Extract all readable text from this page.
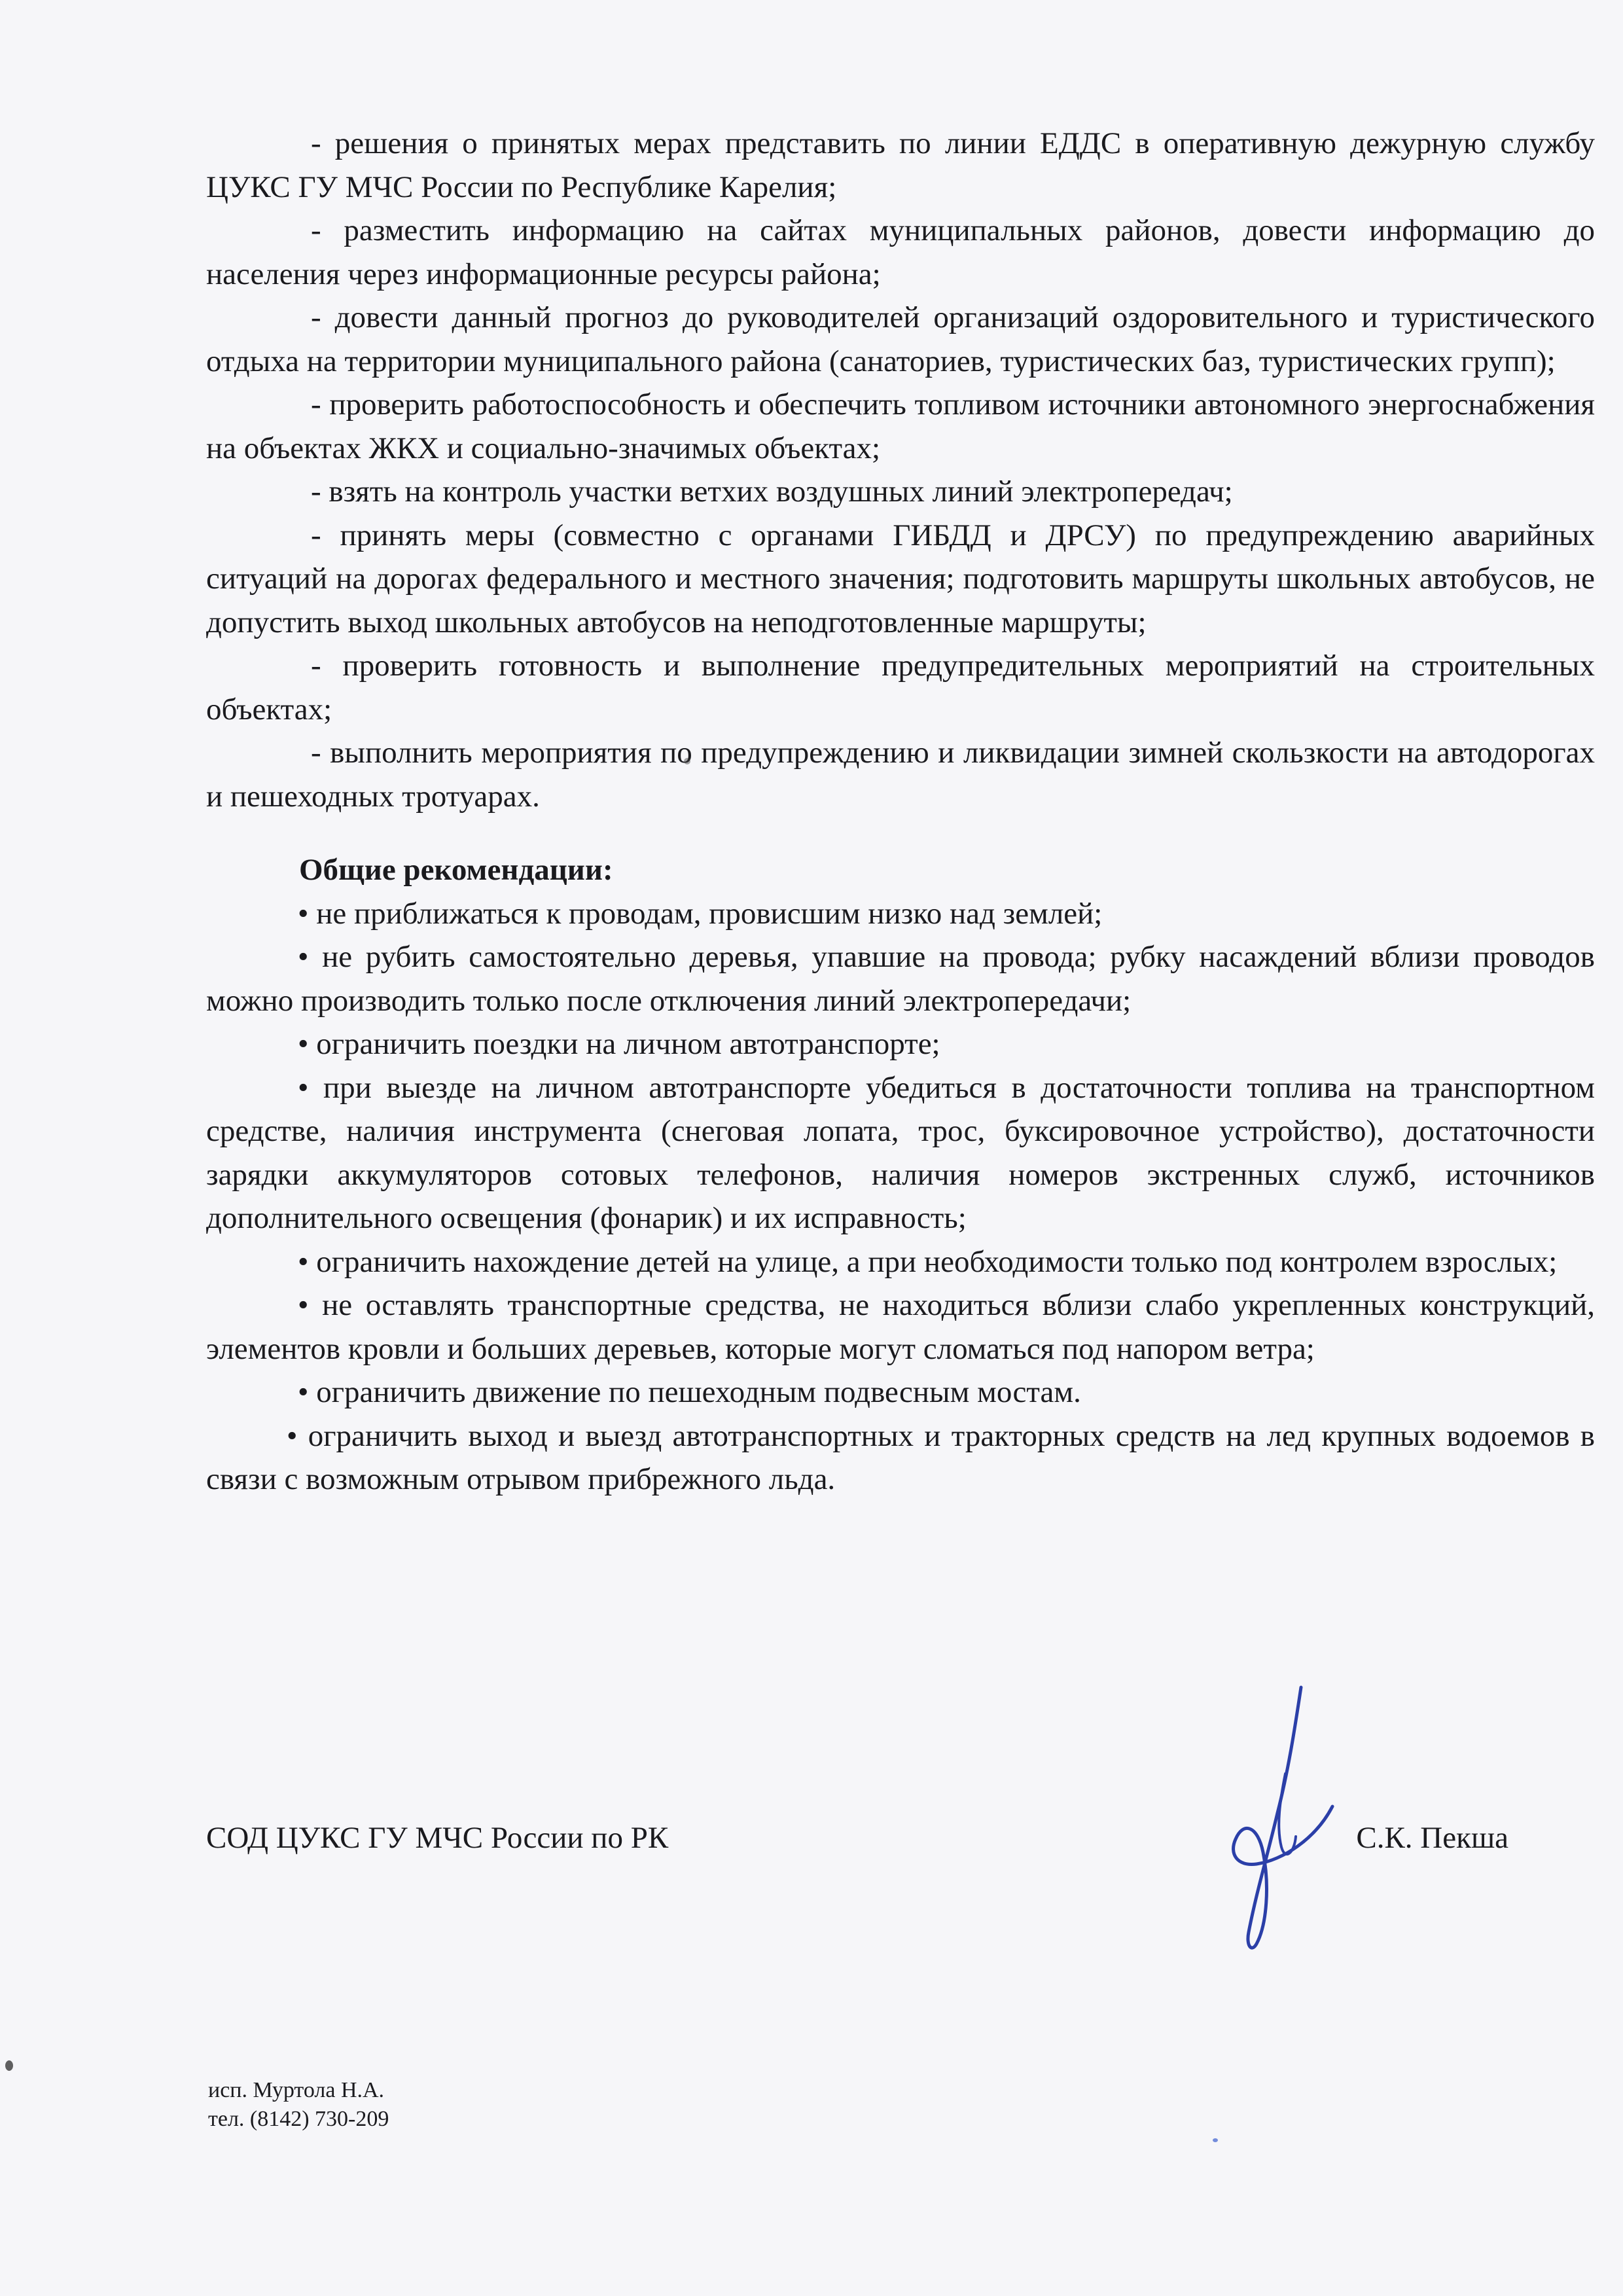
- решения о принятых мерах представить по линии ЕДДС в оперативную дежурную службу ЦУКС ГУ МЧС России по Республике Карелия;

- разместить информацию на сайтах муниципальных районов, довести информацию до населения через информационные ресурсы района;

- довести данный прогноз до руководителей организаций оздоровительного и туристического отдыха на территории муниципального района (санаториев, туристических баз, туристических групп);

- проверить работоспособность и обеспечить топливом источники автономного энергоснабжения на объектах ЖКХ и социально-значимых объектах;

- взять на контроль участки ветхих воздушных линий электропередач;

- принять меры (совместно с органами ГИБДД и ДРСУ) по предупреждению аварийных ситуаций на дорогах федерального и местного значения; подготовить маршруты школьных автобусов, не допустить выход школьных автобусов на неподготовленные маршруты;

- проверить готовность и выполнение предупредительных мероприятий на строительных объектах;

- выполнить мероприятия по предупреждению и ликвидации зимней скользкости на автодорогах и пешеходных тротуарах.

Общие рекомендации:

• не приближаться к проводам, провисшим низко над землей;

• не рубить самостоятельно деревья, упавшие на провода; рубку насаждений вблизи проводов можно производить только после отключения линий электропередачи;

• ограничить поездки на личном автотранспорте;

• при выезде на личном автотранспорте убедиться в достаточности топлива на транспортном средстве, наличия инструмента (снеговая лопата, трос, буксировочное устройство), достаточности зарядки аккумуляторов сотовых телефонов, наличия номеров экстренных служб, источников дополнительного освещения (фонарик) и их исправность;

• ограничить нахождение детей на улице, а при необходимости только под контролем взрослых;

• не оставлять транспортные средства, не находиться вблизи слабо укрепленных конструкций, элементов кровли и больших деревьев, которые могут сломаться под напором ветра;

• ограничить движение по пешеходным подвесным мостам.

• ограничить выход и выезд автотранспортных и тракторных средств на лед крупных водоемов в связи с возможным отрывом прибрежного льда.

СОД ЦУКС ГУ МЧС России по РК	С.К. Пекша
исп. Муртола Н.А.
тел. (8142) 730-209
